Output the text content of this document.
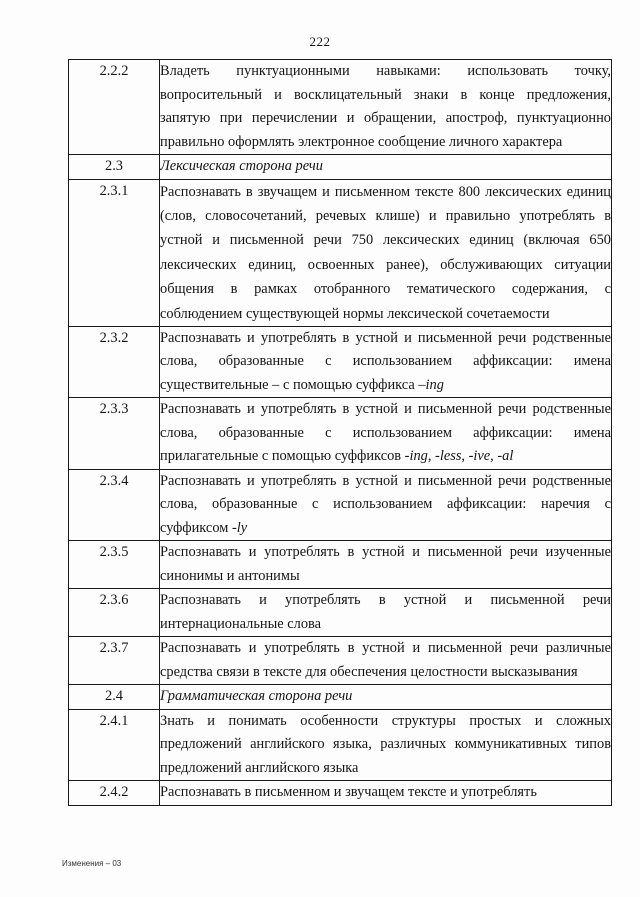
222
2.2.2	Владеть пунктуационными навыками: использовать точку, вопросительный и восклицательный знаки в конце предложения, запятую при перечислении и обращении, апостроф, пунктуационно правильно оформлять электронное сообщение личного характера
2.3	Лексическая сторона речи
2.3.1	Распознавать в звучащем и письменном тексте 800 лексических единиц (слов, словосочетаний, речевых клише) и правильно употреблять в устной и письменной речи 750 лексических единиц (включая 650 лексических единиц, освоенных ранее), обслуживающих ситуации общения в рамках отобранного тематического содержания, с соблюдением существующей нормы лексической сочетаемости
2.3.2	Распознавать и употреблять в устной и письменной речи родственные слова, образованные с использованием аффиксации: имена существительные – с помощью суффикса –ing
2.3.3	Распознавать и употреблять в устной и письменной речи родственные слова, образованные с использованием аффиксации: имена прилагательные с помощью суффиксов -ing, -less, -ive, -al
2.3.4	Распознавать и употреблять в устной и письменной речи родственные слова, образованные с использованием аффиксации: наречия с суффиксом -ly
2.3.5	Распознавать и употреблять в устной и письменной речи изученные синонимы и антонимы
2.3.6	Распознавать и употреблять в устной и письменной речи интернациональные слова
2.3.7	Распознавать и употреблять в устной и письменной речи различные средства связи в тексте для обеспечения целостности высказывания
2.4	Грамматическая сторона речи
2.4.1	Знать и понимать особенности структуры простых и сложных предложений английского языка, различных коммуникативных типов предложений английского языка
2.4.2	Распознавать в письменном и звучащем тексте и употреблять
Изменения – 03
